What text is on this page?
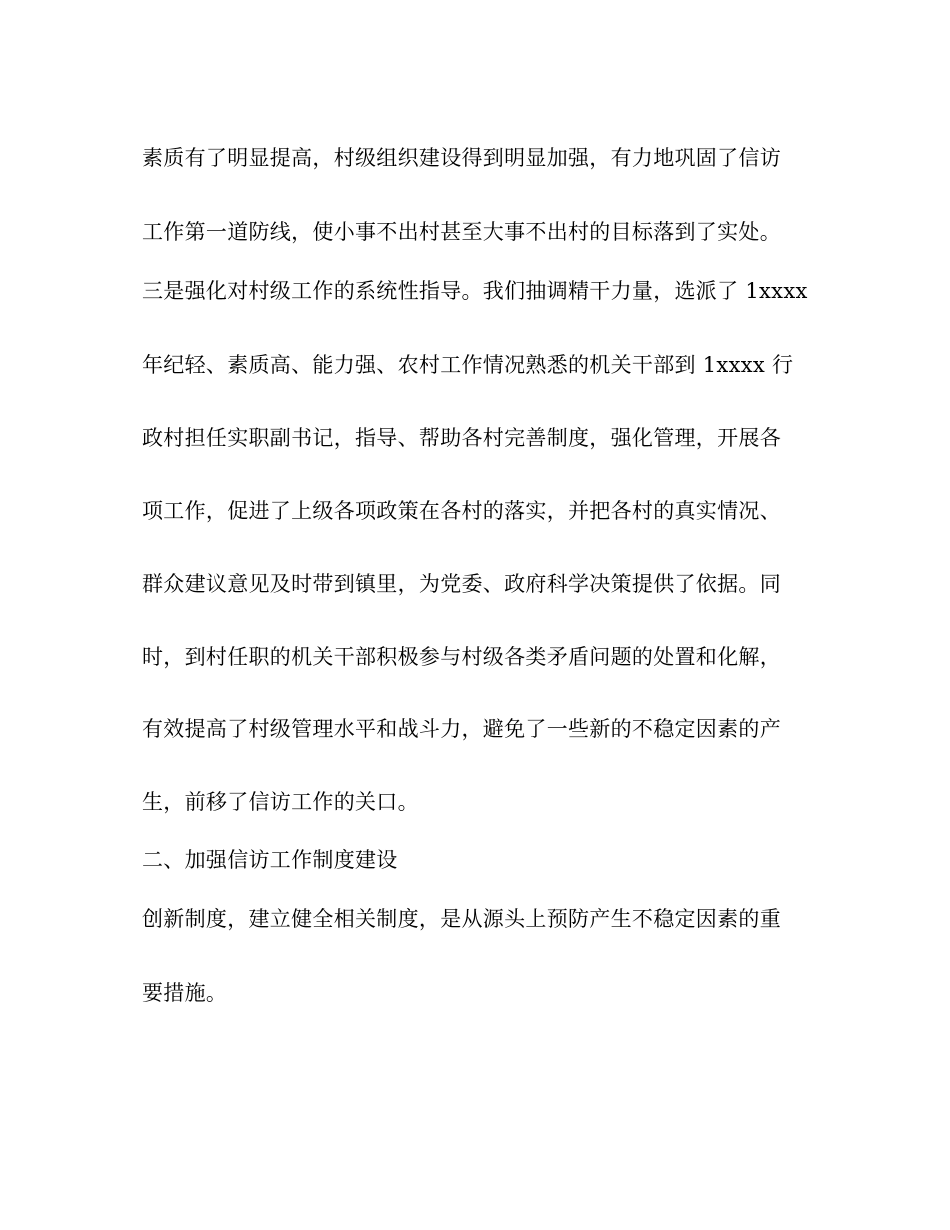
素质有了明显提高，村级组织建设得到明显加强，有力地巩固了信访
工作第一道防线，使小事不出村甚至大事不出村的目标落到了实处。
三是强化对村级工作的系统性指导。我们抽调精干力量，选派了 1xxxx
年纪轻、素质高、能力强、农村工作情况熟悉的机关干部到 1xxxx 行
政村担任实职副书记，指导、帮助各村完善制度，强化管理，开展各
项工作，促进了上级各项政策在各村的落实，并把各村的真实情况、
群众建议意见及时带到镇里，为党委、政府科学决策提供了依据。同
时，到村任职的机关干部积极参与村级各类矛盾问题的处置和化解，
有效提高了村级管理水平和战斗力，避免了一些新的不稳定因素的产
生，前移了信访工作的关口。
二、加强信访工作制度建设
创新制度，建立健全相关制度，是从源头上预防产生不稳定因素的重
要措施。
